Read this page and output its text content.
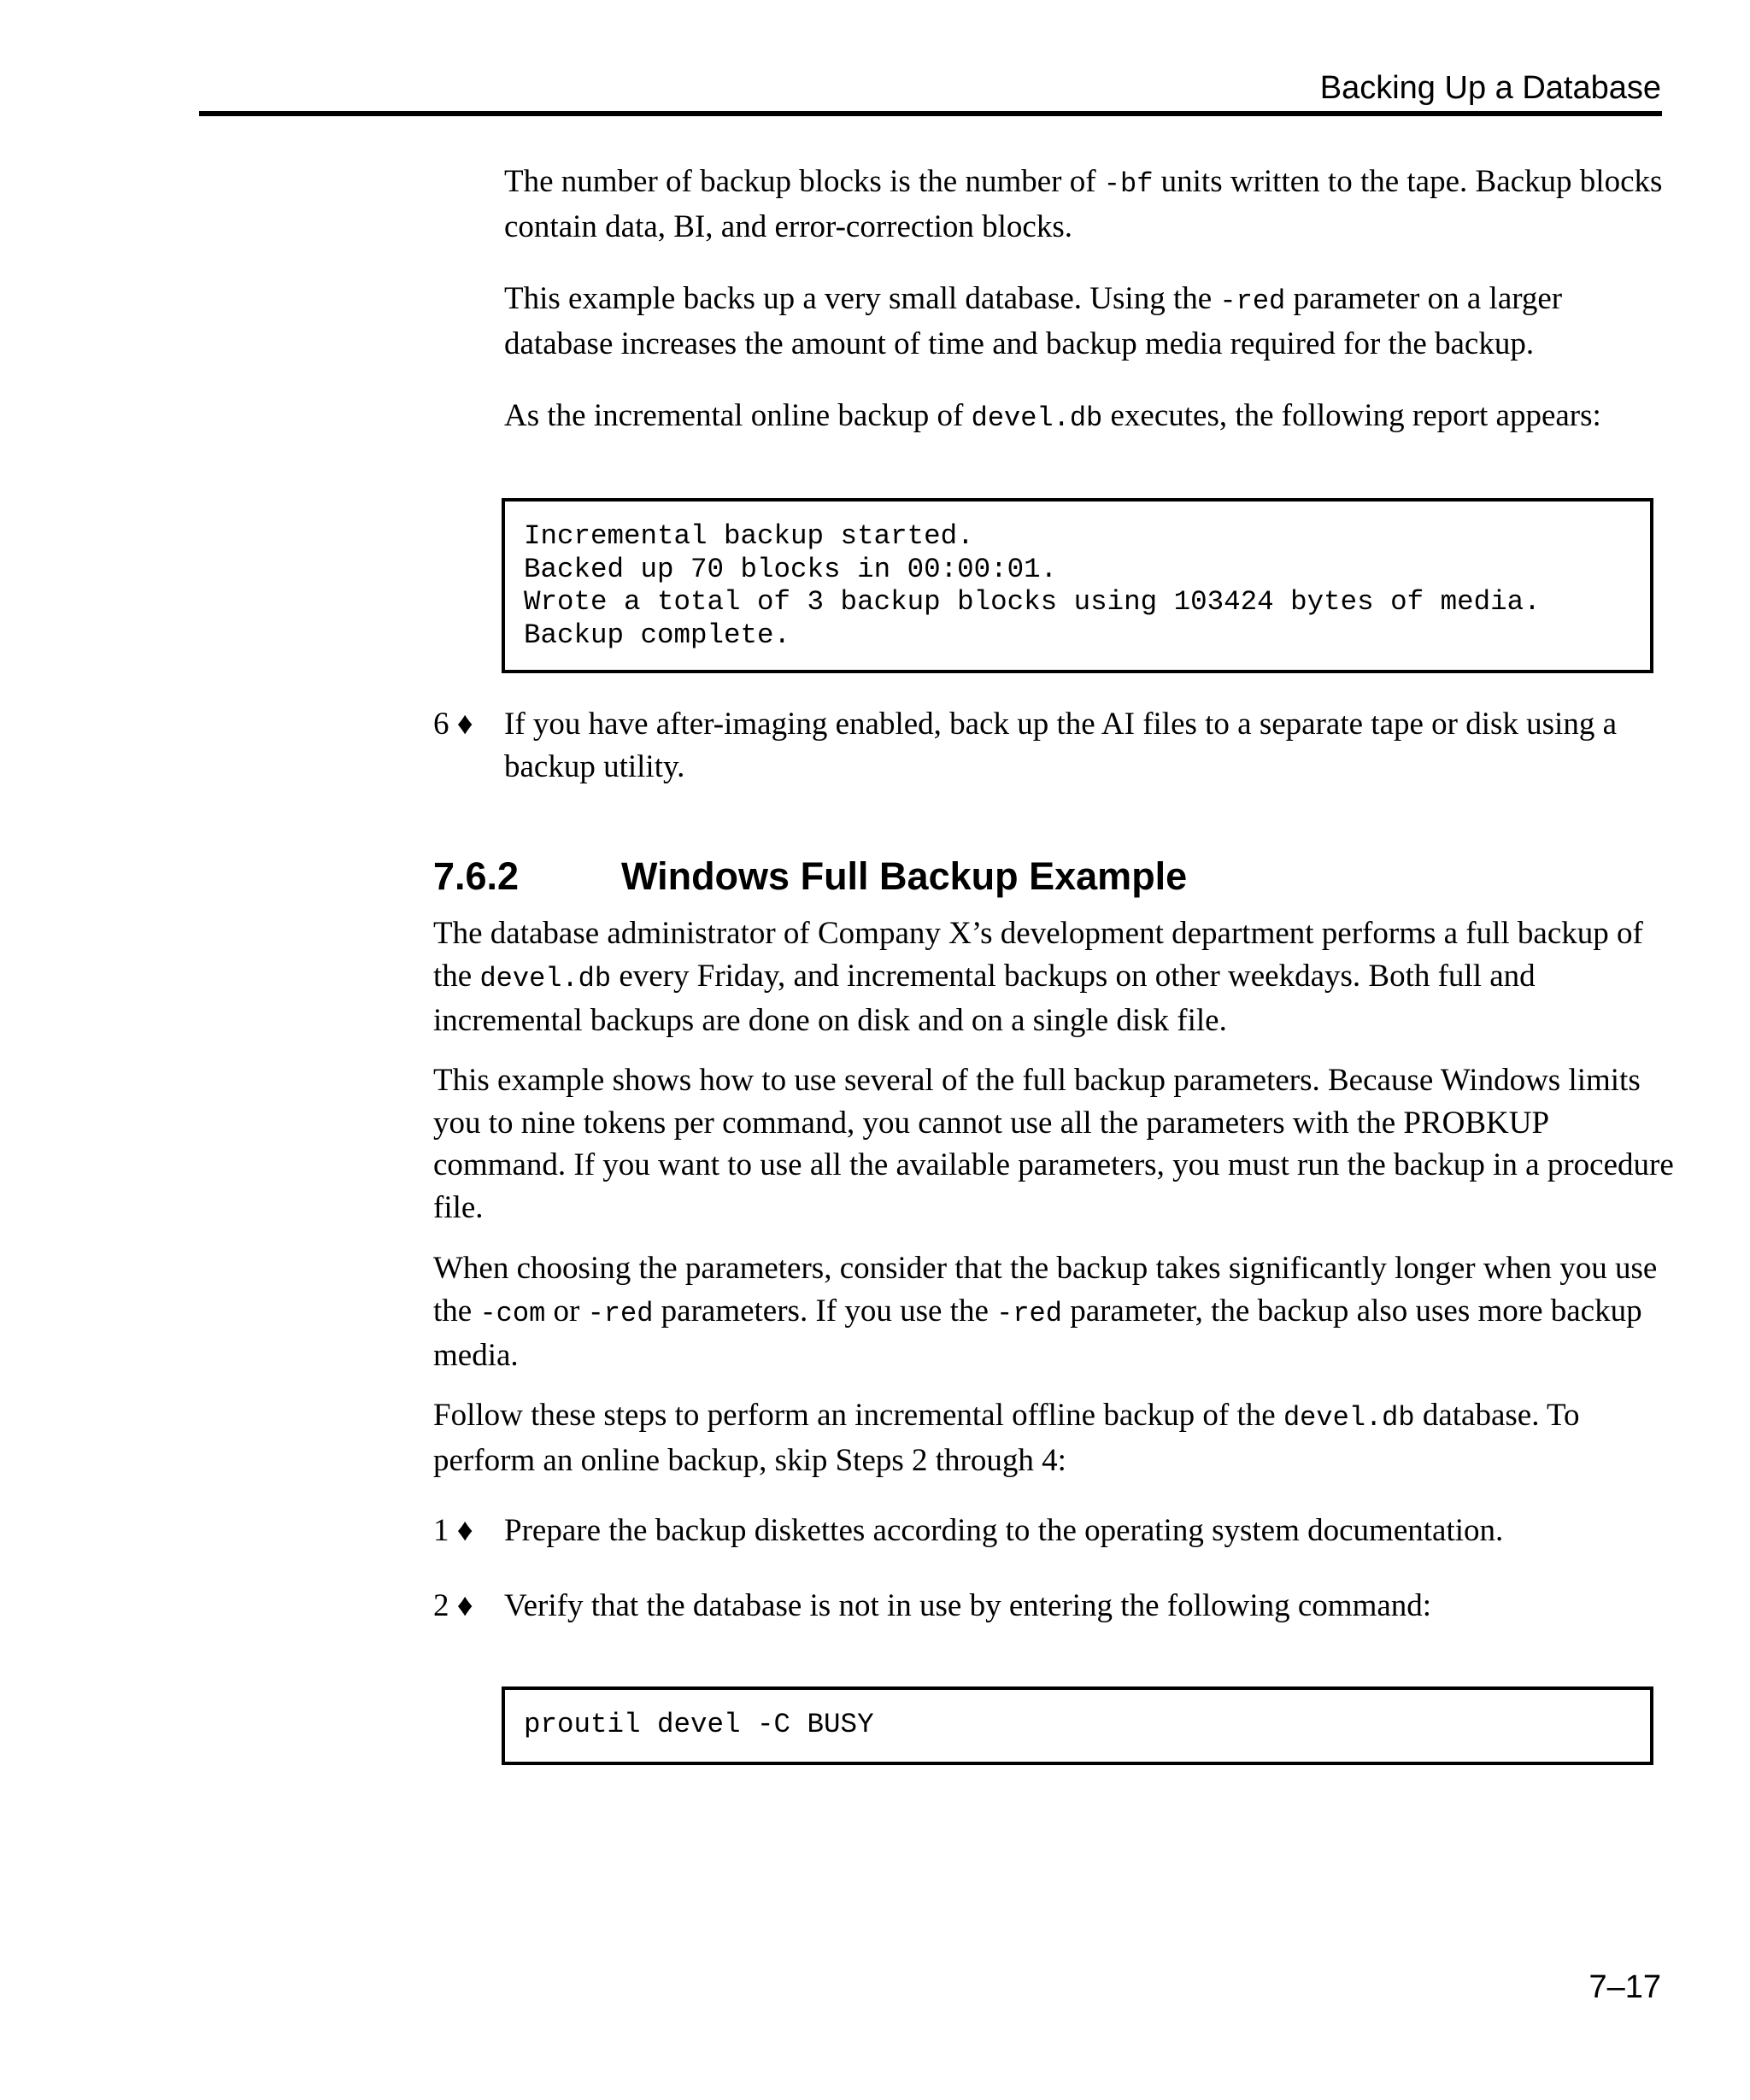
Backing Up a Database

The number of backup blocks is the number of -bf units written to the tape. Backup blocks contain data, BI, and error-correction blocks.

This example backs up a very small database. Using the -red parameter on a larger database increases the amount of time and backup media required for the backup.

As the incremental online backup of devel.db executes, the following report appears:

Incremental backup started.
Backed up 70 blocks in 00:00:01.
Wrote a total of 3 backup blocks using 103424 bytes of media.
Backup complete.
6 ♦ If you have after-imaging enabled, back up the AI files to a separate tape or disk using a backup utility.
7.6.2	Windows Full Backup Example

The database administrator of Company X’s development department performs a full backup of the devel.db every Friday, and incremental backups on other weekdays. Both full and incremental backups are done on disk and on a single disk file.

This example shows how to use several of the full backup parameters. Because Windows limits you to nine tokens per command, you cannot use all the parameters with the PROBKUP command. If you want to use all the available parameters, you must run the backup in a procedure file.

When choosing the parameters, consider that the backup takes significantly longer when you use the -com or -red parameters. If you use the -red parameter, the backup also uses more backup media.

Follow these steps to perform an incremental offline backup of the devel.db database. To perform an online backup, skip Steps 2 through 4:

1 ♦ Prepare the backup diskettes according to the operating system documentation.
2 ♦ Verify that the database is not in use by entering the following command:
proutil devel -C BUSY
7–17
